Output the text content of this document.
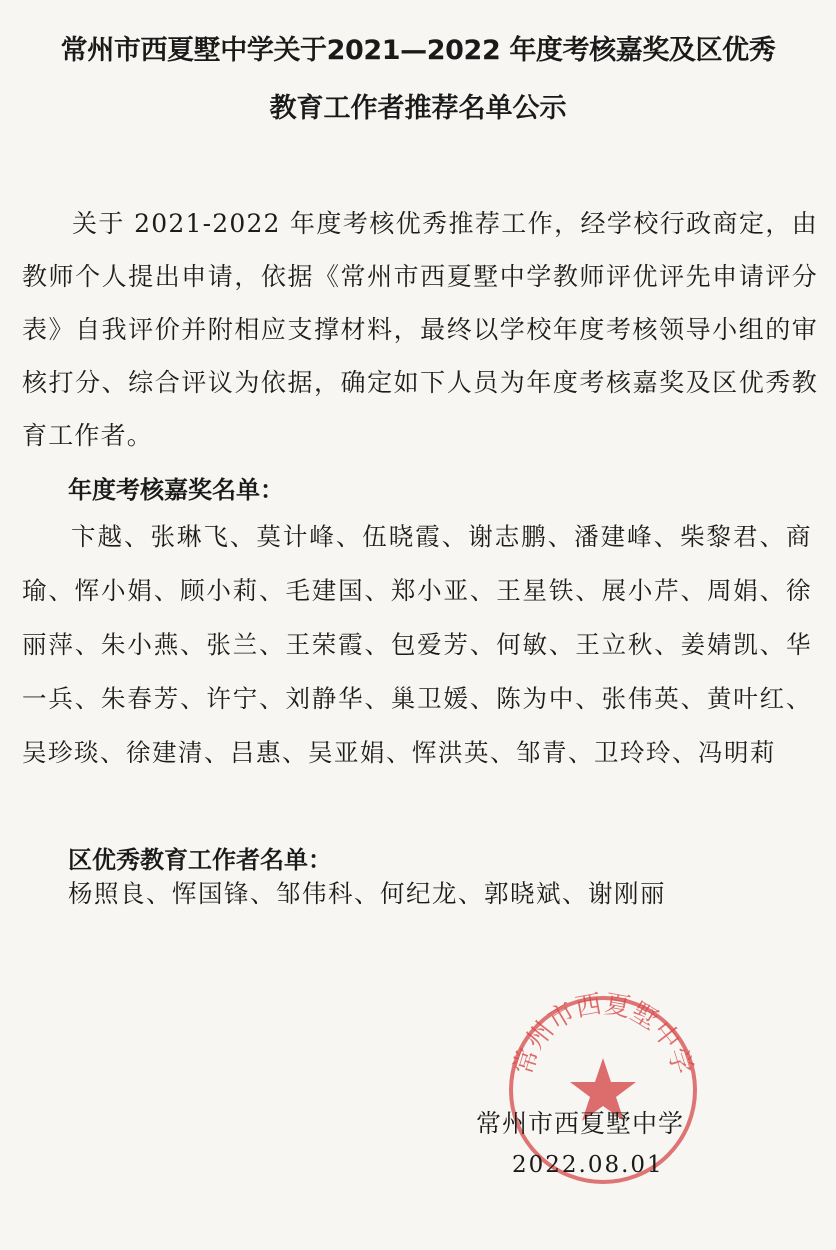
常州市西夏墅中学关于2021—2022 年度考核嘉奖及区优秀
教育工作者推荐名单公示
关于 2021-2022 年度考核优秀推荐工作，经学校行政商定，由教师个人提出申请，依据《常州市西夏墅中学教师评优评先申请评分表》自我评价并附相应支撑材料，最终以学校年度考核领导小组的审核打分、综合评议为依据，确定如下人员为年度考核嘉奖及区优秀教育工作者。
年度考核嘉奖名单：
卞越、张琳飞、莫计峰、伍晓霞、谢志鹏、潘建峰、柴黎君、商瑜、恽小娟、顾小莉、毛建国、郑小亚、王星铁、展小芹、周娟、徐丽萍、朱小燕、张兰、王荣霞、包爱芳、何敏、王立秋、姜婧凯、华一兵、朱春芳、许宁、刘静华、巢卫媛、陈为中、张伟英、黄叶红、吴珍琰、徐建清、吕惠、吴亚娟、恽洪英、邹青、卫玲玲、冯明莉
区优秀教育工作者名单：
杨照良、恽国锋、邹伟科、何纪龙、郭晓斌、谢刚丽
常州市西夏墅中学
常州市西夏墅中学
2022.08.01
